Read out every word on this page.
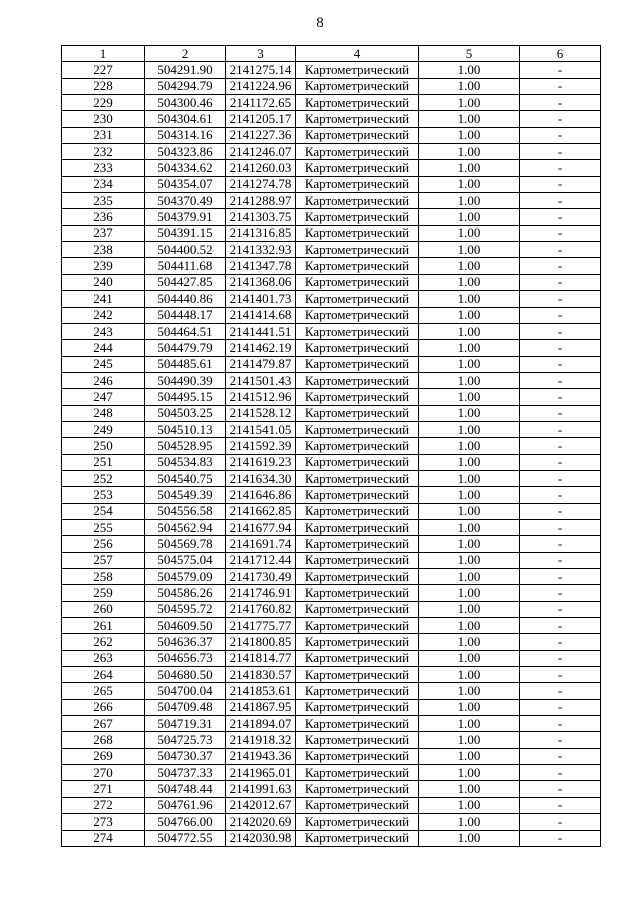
8
1	2	3	4	5	6
227	504291.90	2141275.14	Картометрический	1.00	-
228	504294.79	2141224.96	Картометрический	1.00	-
229	504300.46	2141172.65	Картометрический	1.00	-
230	504304.61	2141205.17	Картометрический	1.00	-
231	504314.16	2141227.36	Картометрический	1.00	-
232	504323.86	2141246.07	Картометрический	1.00	-
233	504334.62	2141260.03	Картометрический	1.00	-
234	504354.07	2141274.78	Картометрический	1.00	-
235	504370.49	2141288.97	Картометрический	1.00	-
236	504379.91	2141303.75	Картометрический	1.00	-
237	504391.15	2141316.85	Картометрический	1.00	-
238	504400.52	2141332.93	Картометрический	1.00	-
239	504411.68	2141347.78	Картометрический	1.00	-
240	504427.85	2141368.06	Картометрический	1.00	-
241	504440.86	2141401.73	Картометрический	1.00	-
242	504448.17	2141414.68	Картометрический	1.00	-
243	504464.51	2141441.51	Картометрический	1.00	-
244	504479.79	2141462.19	Картометрический	1.00	-
245	504485.61	2141479.87	Картометрический	1.00	-
246	504490.39	2141501.43	Картометрический	1.00	-
247	504495.15	2141512.96	Картометрический	1.00	-
248	504503.25	2141528.12	Картометрический	1.00	-
249	504510.13	2141541.05	Картометрический	1.00	-
250	504528.95	2141592.39	Картометрический	1.00	-
251	504534.83	2141619.23	Картометрический	1.00	-
252	504540.75	2141634.30	Картометрический	1.00	-
253	504549.39	2141646.86	Картометрический	1.00	-
254	504556.58	2141662.85	Картометрический	1.00	-
255	504562.94	2141677.94	Картометрический	1.00	-
256	504569.78	2141691.74	Картометрический	1.00	-
257	504575.04	2141712.44	Картометрический	1.00	-
258	504579.09	2141730.49	Картометрический	1.00	-
259	504586.26	2141746.91	Картометрический	1.00	-
260	504595.72	2141760.82	Картометрический	1.00	-
261	504609.50	2141775.77	Картометрический	1.00	-
262	504636.37	2141800.85	Картометрический	1.00	-
263	504656.73	2141814.77	Картометрический	1.00	-
264	504680.50	2141830.57	Картометрический	1.00	-
265	504700.04	2141853.61	Картометрический	1.00	-
266	504709.48	2141867.95	Картометрический	1.00	-
267	504719.31	2141894.07	Картометрический	1.00	-
268	504725.73	2141918.32	Картометрический	1.00	-
269	504730.37	2141943.36	Картометрический	1.00	-
270	504737.33	2141965.01	Картометрический	1.00	-
271	504748.44	2141991.63	Картометрический	1.00	-
272	504761.96	2142012.67	Картометрический	1.00	-
273	504766.00	2142020.69	Картометрический	1.00	-
274	504772.55	2142030.98	Картометрический	1.00	-
